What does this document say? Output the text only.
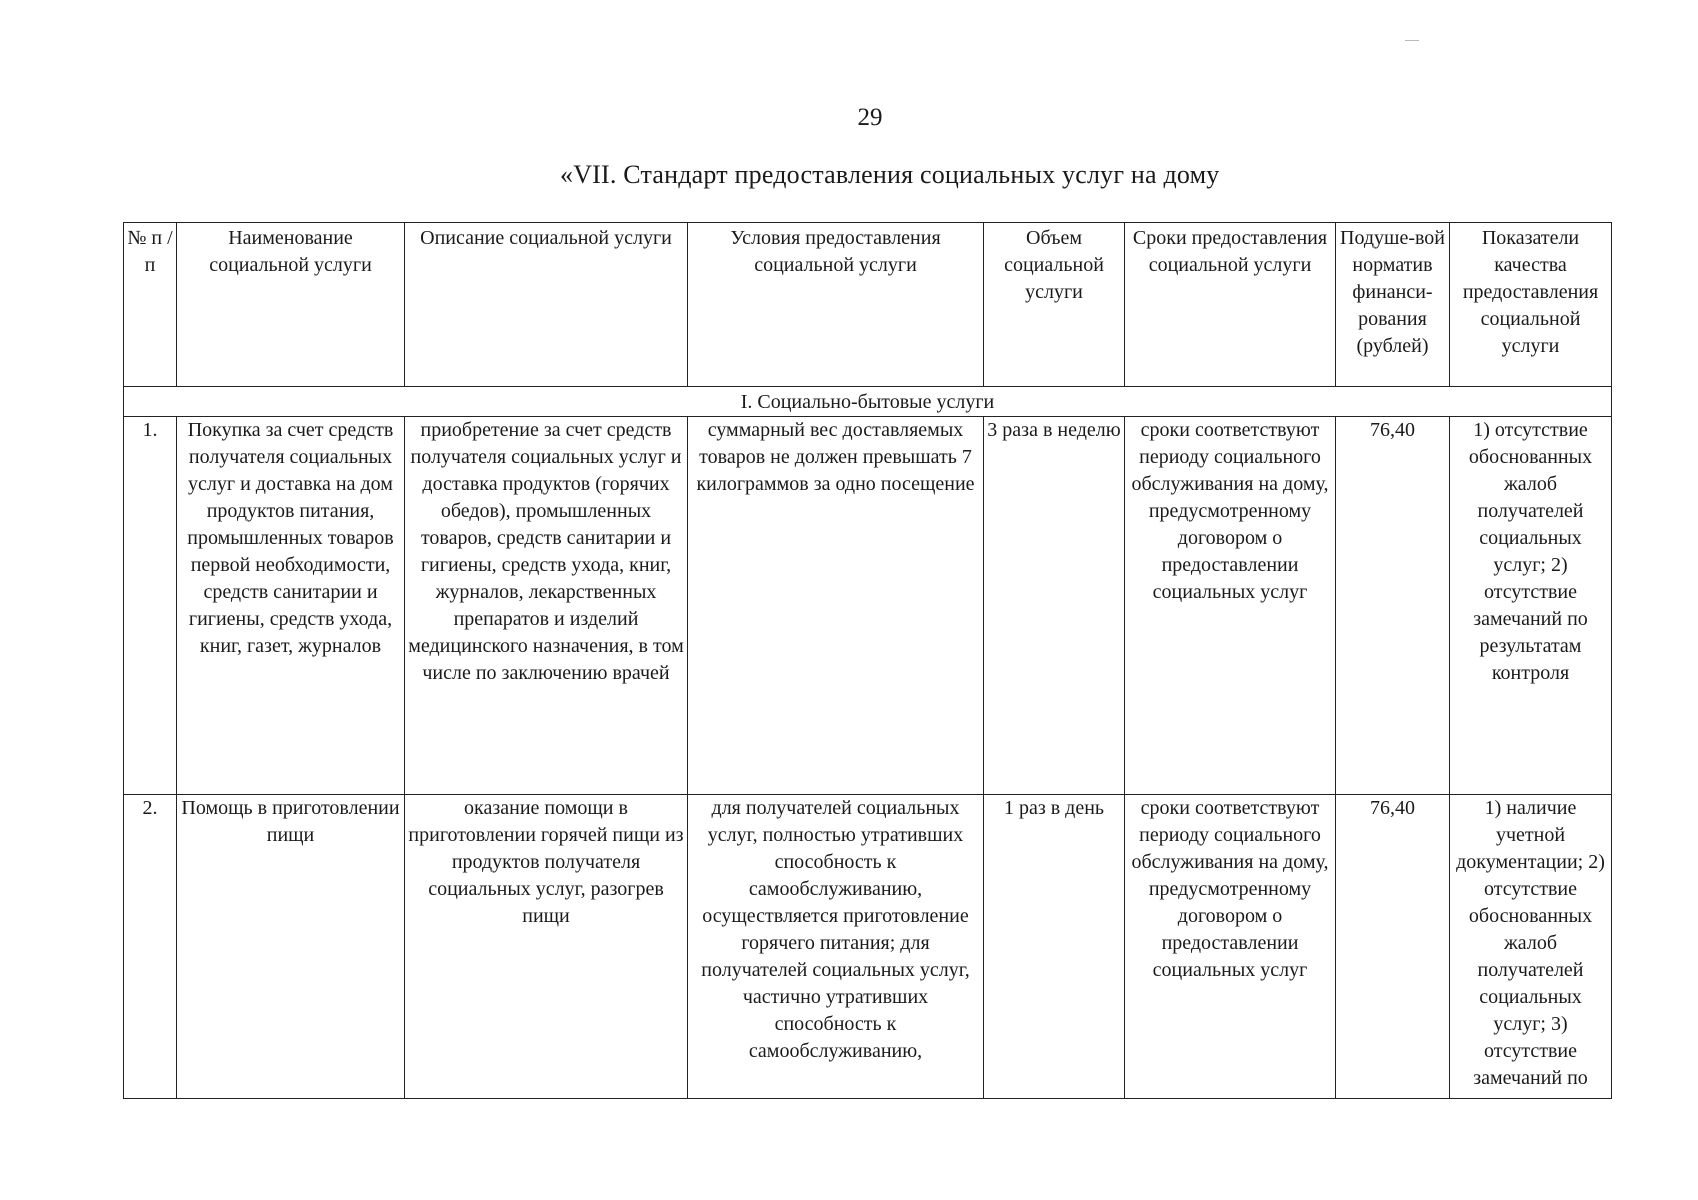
29
«VII. Стандарт предоставления социальных услуг на дому
№ п /п	Наименование социальной услуги	Описание социальной услуги	Условия предоставления социальной услуги	Объем социальной услуги	Сроки предоставления социальной услуги	Подуше-вой норматив финанси-рования (рублей)	Показатели качества предоставления социальной услуги
I. Социально-бытовые услуги							
1.	Покупка за счет средств получателя социальных услуг и доставка на дом продуктов питания, промышленных товаров первой необходимости, средств санитарии и гигиены, средств ухода, книг, газет, журналов	приобретение за счет средств получателя социальных услуг и доставка продуктов (горячих обедов), промышленных товаров, средств санитарии и гигиены, средств ухода, книг, журналов, лекарственных препаратов и изделий медицинского назначения, в том числе по заключению врачей	суммарный вес доставляемых товаров не должен превышать 7 килограммов за одно посещение	3 раза в неделю	сроки соответствуют периоду социального обслуживания на дому, предусмотренному договором о предоставлении социальных услуг	76,40	1) отсутствие обоснованных жалоб получателей социальных услуг; 2) отсутствие замечаний по результатам контроля
2.	Помощь в приготовлении пищи	оказание помощи в приготовлении горячей пищи из продуктов получателя социальных услуг, разогрев пищи	для получателей социальных услуг, полностью утративших способность к самообслуживанию, осуществляется приготовление горячего питания; для получателей социальных услуг, частично утративших способность к самообслуживанию,	1 раз в день	сроки соответствуют периоду социального обслуживания на дому, предусмотренному договором о предоставлении социальных услуг	76,40	1) наличие учетной документации; 2) отсутствие обоснованных жалоб получателей социальных услуг; 3) отсутствие замечаний по
